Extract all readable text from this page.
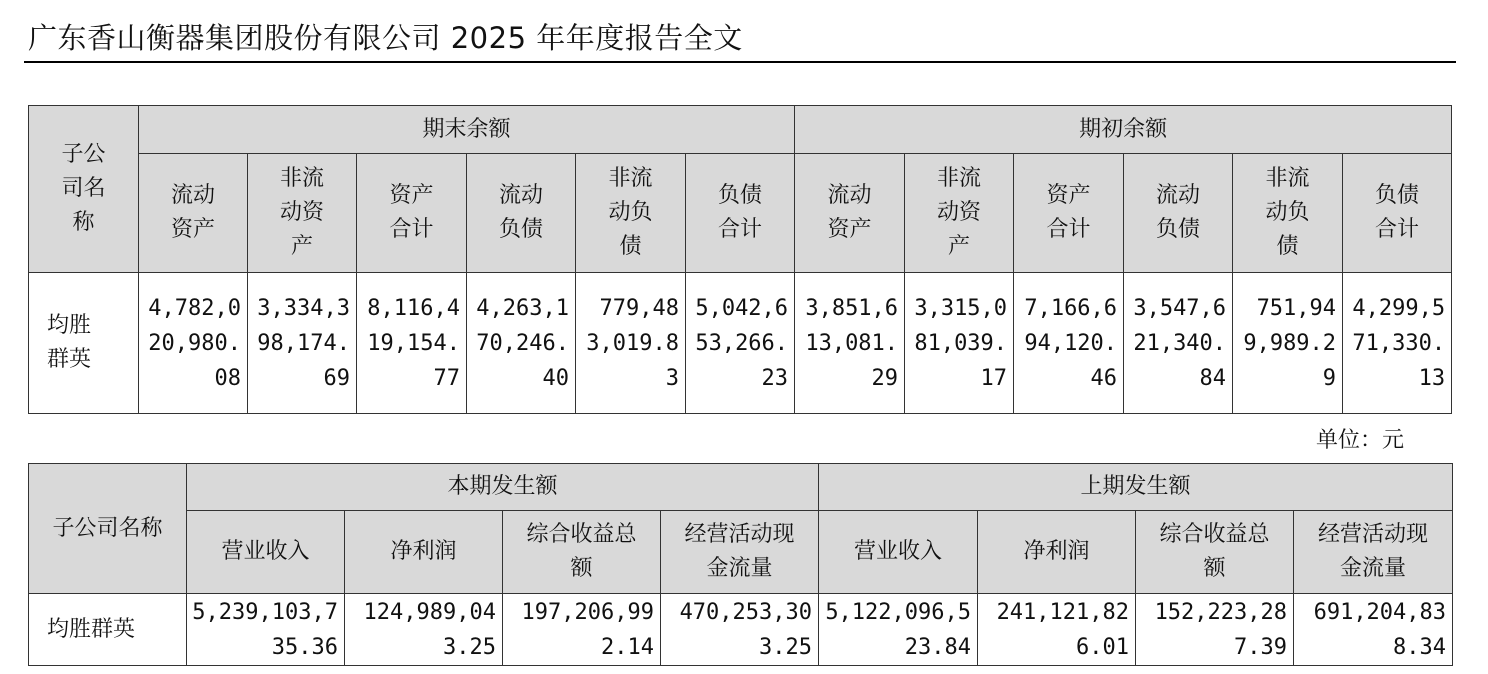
广东香山衡器集团股份有限公司 2025 年年度报告全文
子公司名称	期末余额						期初余额					

	流动资产	非流动资产	资产合计	流动负债	非流动负债	负债合计	流动资产	非流动资产	资产合计	流动负债	非流动负债	负债合计

均胜群英	4,782,020,980.08	3,334,398,174.69	8,116,419,154.77	4,263,170,246.40	779,483,019.83	5,042,653,266.23	3,851,613,081.29	3,315,081,039.17	7,166,694,120.46	3,547,621,340.84	751,949,989.29	4,299,571,330.13
单位：元
子公司名称	本期发生额				上期发生额			

	营业收入	净利润	综合收益总额	经营活动现金流量	营业收入	净利润	综合收益总额	经营活动现金流量

均胜群英	5,239,103,735.36	124,989,043.25	197,206,992.14	470,253,303.25	5,122,096,523.84	241,121,826.01	152,223,287.39	691,204,838.34
